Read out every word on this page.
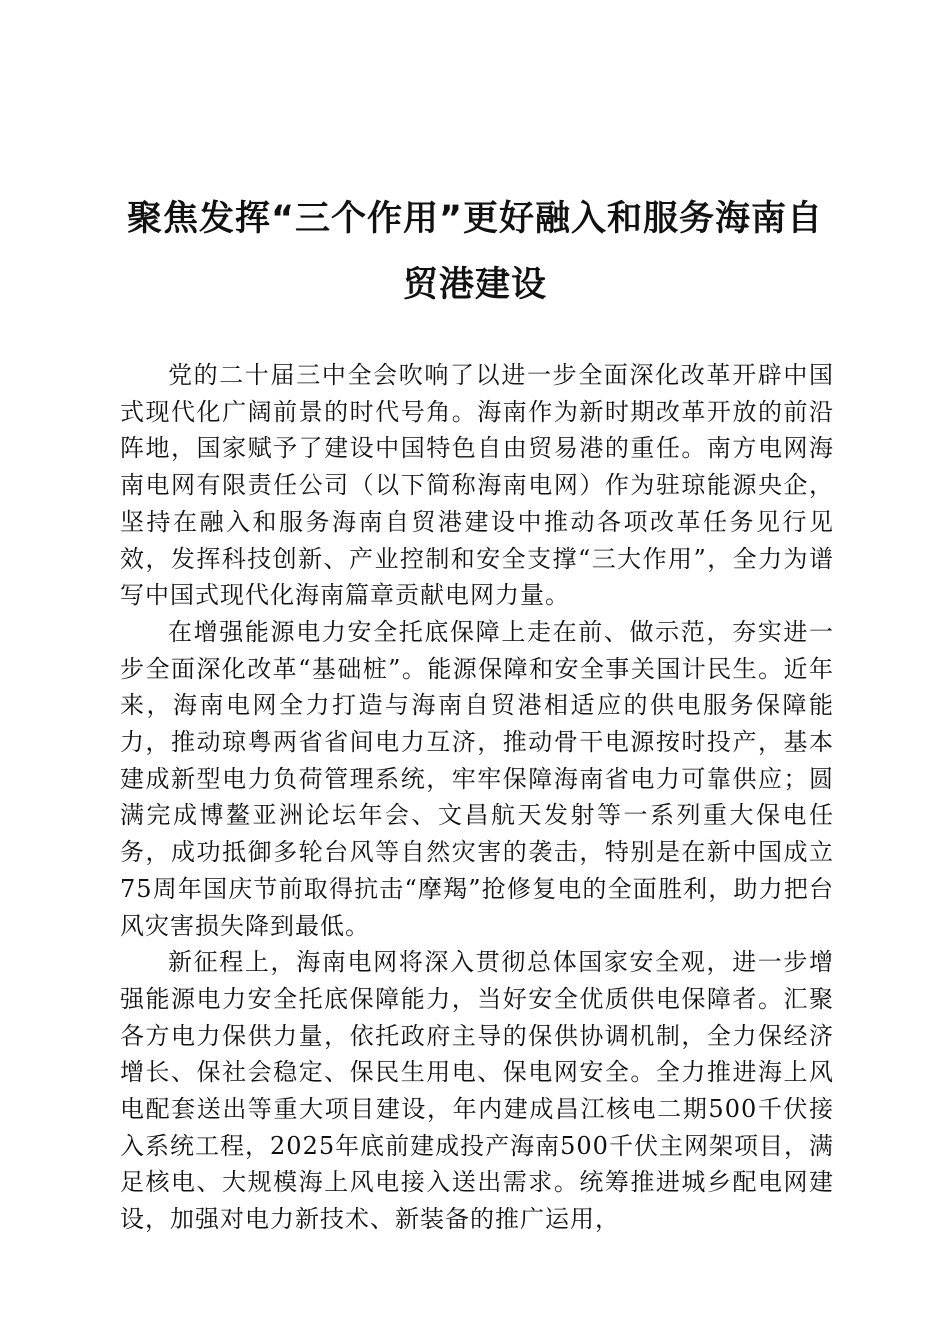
聚焦发挥“三个作用”更好融入和服务海南自贸港建设

党的二十届三中全会吹响了以进一步全面深化改革开辟中国式现代化广阔前景的时代号角。海南作为新时期改革开放的前沿阵地，国家赋予了建设中国特色自由贸易港的重任。南方电网海南电网有限责任公司（以下简称海南电网）作为驻琼能源央企，坚持在融入和服务海南自贸港建设中推动各项改革任务见行见效，发挥科技创新、产业控制和安全支撑“三大作用”，全力为谱写中国式现代化海南篇章贡献电网力量。

在增强能源电力安全托底保障上走在前、做示范，夯实进一步全面深化改革“基础桩”。能源保障和安全事关国计民生。近年来，海南电网全力打造与海南自贸港相适应的供电服务保障能力，推动琼粤两省省间电力互济，推动骨干电源按时投产，基本建成新型电力负荷管理系统，牢牢保障海南省电力可靠供应；圆满完成博鳌亚洲论坛年会、文昌航天发射等一系列重大保电任务，成功抵御多轮台风等自然灾害的袭击，特别是在新中国成立75周年国庆节前取得抗击“摩羯”抢修复电的全面胜利，助力把台风灾害损失降到最低。

新征程上，海南电网将深入贯彻总体国家安全观，进一步增强能源电力安全托底保障能力，当好安全优质供电保障者。汇聚各方电力保供力量，依托政府主导的保供协调机制，全力保经济增长、保社会稳定、保民生用电、保电网安全。全力推进海上风电配套送出等重大项目建设，年内建成昌江核电二期500千伏接入系统工程，2025年底前建成投产海南500千伏主网架项目，满足核电、大规模海上风电接入送出需求。统筹推进城乡配电网建设，加强对电力新技术、新装备的推广运用，
